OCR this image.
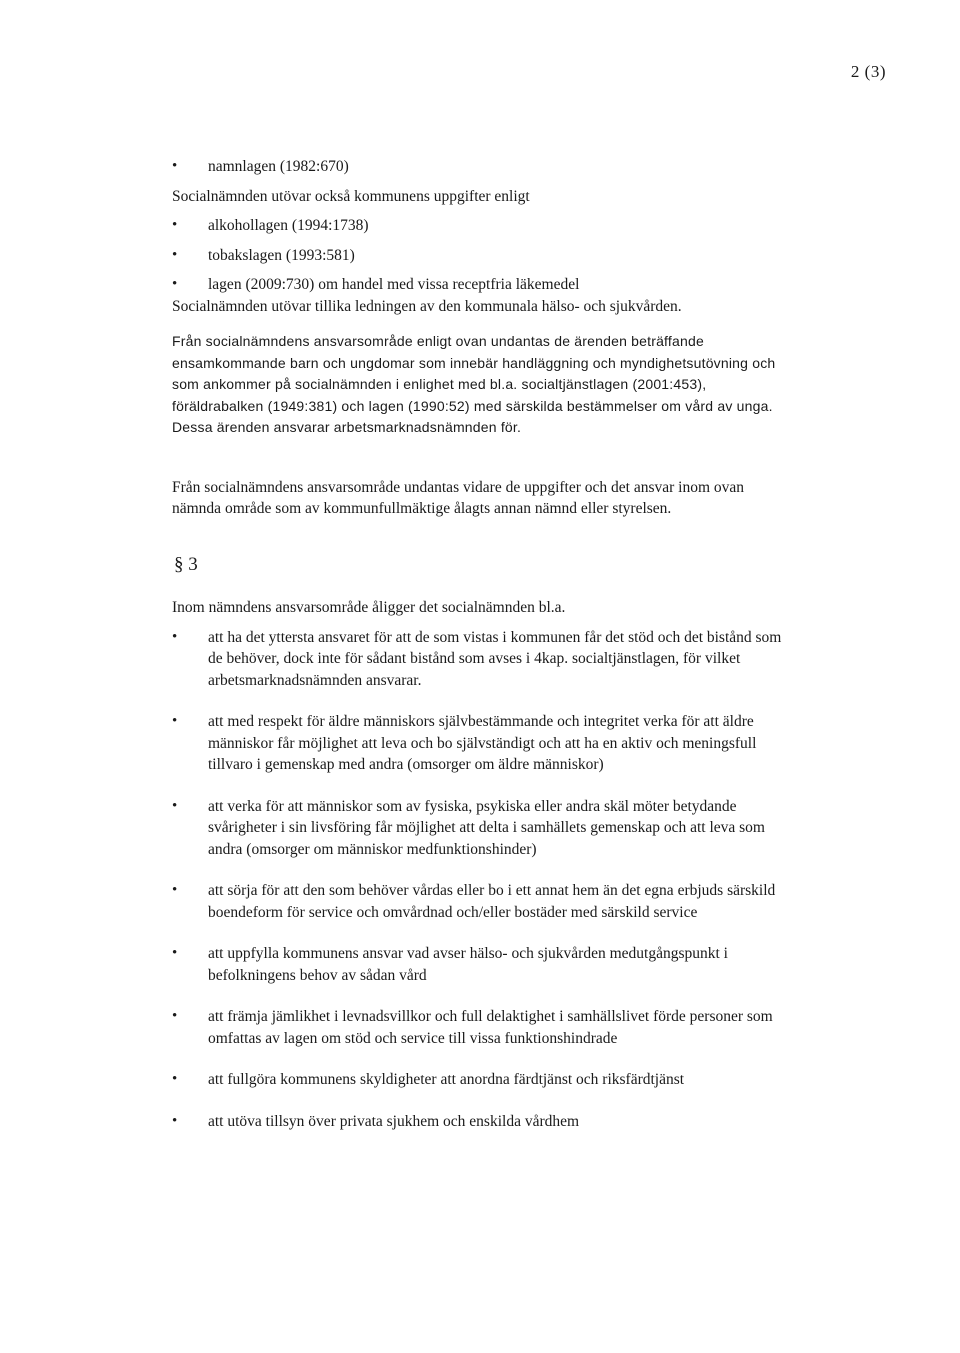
2 (3)
•	namnlagen (1982:670)

Socialnämnden utövar också kommunens uppgifter enligt

•	alkohollagen (1994:1738)
•	tobakslagen (1993:581)
•	lagen (2009:730) om handel med vissa receptfria läkemedel

Socialnämnden utövar tillika ledningen av den kommunala hälso- och sjukvården.

Från socialnämndens ansvarsområde enligt ovan undantas de ärenden beträffande ensamkommande barn och ungdomar som innebär handläggning och myndighetsutövning och som ankommer på socialnämnden i enlighet med bl.a. socialtjänstlagen (2001:453), föräldrabalken (1949:381) och lagen (1990:52) med särskilda bestämmelser om vård av unga. Dessa ärenden ansvarar arbetsmarknadsnämnden för.

Från socialnämndens ansvarsområde undantas vidare de uppgifter och det ansvar inom ovan nämnda område som av kommunfullmäktige ålagts annan nämnd eller styrelsen.

§ 3

Inom nämndens ansvarsområde åligger det socialnämnden bl.a.

•	att ha det yttersta ansvaret för att de som vistas i kommunen får det stöd och det bistånd som de behöver, dock inte för sådant bistånd som avses i 4kap. socialtjänstlagen, för vilket arbetsmarknadsnämnden ansvarar.
•	att med respekt för äldre människors självbestämmande och integritet verka för att äldre människor får möjlighet att leva och bo självständigt och att ha en aktiv och meningsfull tillvaro i gemenskap med andra (omsorger om äldre människor)
•	att verka för att människor som av fysiska, psykiska eller andra skäl möter betydande svårigheter i sin livsföring får möjlighet att delta i samhällets gemenskap och att leva som andra (omsorger om människor medfunktionshinder)
•	att sörja för att den som behöver vårdas eller bo i ett annat hem än det egna erbjuds särskild boendeform för service och omvårdnad och/eller bostäder med särskild service
•	att uppfylla kommunens ansvar vad avser hälso- och sjukvården medutgångspunkt i befolkningens behov av sådan vård
•	att främja jämlikhet i levnadsvillkor och full delaktighet i samhällslivet förde personer som omfattas av lagen om stöd och service till vissa funktionshindrade
•	att fullgöra kommunens skyldigheter att anordna färdtjänst och riksfärdtjänst
•	att utöva tillsyn över privata sjukhem och enskilda vårdhem
